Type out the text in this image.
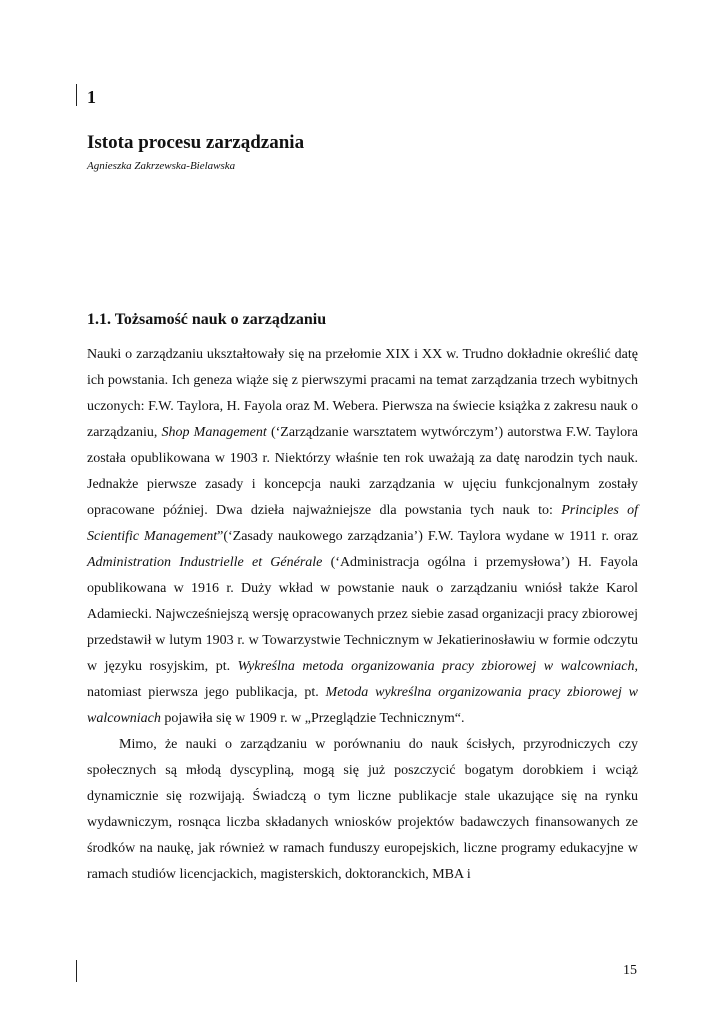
1
Istota procesu zarządzania

Agnieszka Zakrzewska-Bielawska

1.1. Tożsamość nauk o zarządzaniu

Nauki o zarządzaniu ukształtowały się na przełomie XIX i XX w. Trudno dokładnie określić datę ich powstania. Ich geneza wiąże się z pierwszymi pracami na temat zarządzania trzech wybitnych uczonych: F.W. Taylora, H. Fayola oraz M. Webera. Pierwsza na świecie książka z zakresu nauk o zarządzaniu, Shop Management (‘Zarządzanie warsztatem wytwórczym’) autorstwa F.W. Taylora została opublikowana w 1903 r. Niektórzy właśnie ten rok uważają za datę narodzin tych nauk. Jednakże pierwsze zasady i koncepcja nauki zarządzania w ujęciu funkcjonalnym zostały opracowane później. Dwa dzieła najważniejsze dla powstania tych nauk to: Principles of Scientific Management”(‘Zasady naukowego zarządzania’) F.W. Taylora wydane w 1911 r. oraz Administration Industrielle et Générale (‘Administracja ogólna i przemysłowa’) H. Fayola opublikowana w 1916 r. Duży wkład w powstanie nauk o zarządzaniu wniósł także Karol Adamiecki. Najwcześniejszą wersję opracowanych przez siebie zasad organizacji pracy zbiorowej przedstawił w lutym 1903 r. w Towarzystwie Technicznym w Jekatierinosławiu w formie odczytu w języku rosyjskim, pt. Wykreślna metoda organizowania pracy zbiorowej w walcowniach, natomiast pierwsza jego publikacja, pt. Metoda wykreślna organizowania pracy zbiorowej w walcowniach pojawiła się w 1909 r. w „Przeglądzie Technicznym“.

Mimo, że nauki o zarządzaniu w porównaniu do nauk ścisłych, przyrodniczych czy społecznych są młodą dyscypliną, mogą się już poszczycić bogatym dorobkiem i wciąż dynamicznie się rozwijają. Świadczą o tym liczne publikacje stale ukazujące się na rynku wydawniczym, rosnąca liczba składanych wniosków projektów badawczych finansowanych ze środków na naukę, jak również w ramach funduszy europejskich, liczne programy edukacyjne w ramach studiów licencjackich, magisterskich, doktoranckich, MBA i

15
